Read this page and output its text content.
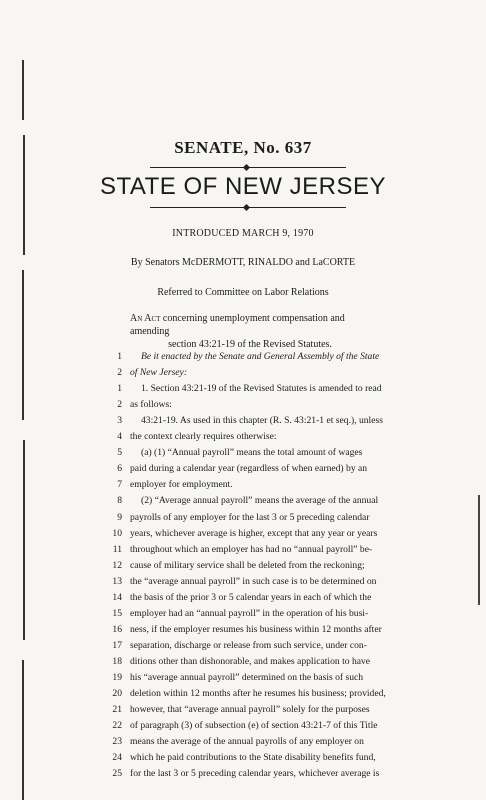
SENATE, No. 637
STATE OF NEW JERSEY
INTRODUCED MARCH 9, 1970
By Senators McDERMOTT, RINALDO and LaCORTE
Referred to Committee on Labor Relations
An Act concerning unemployment compensation and amending
section 43:21-19 of the Revised Statutes.
1	Be it enacted by the Senate and General Assembly of the State
2 of New Jersey:
1	1. Section 43:21-19 of the Revised Statutes is amended to read
2 as follows:
3	43:21-19. As used in this chapter (R. S. 43:21-1 et seq.), unless
4 the context clearly requires otherwise:
5	(a) (1) “Annual payroll” means the total amount of wages
6 paid during a calendar year (regardless of when earned) by an
7 employer for employment.
8	(2) “Average annual payroll” means the average of the annual
9 payrolls of any employer for the last 3 or 5 preceding calendar
10 years, whichever average is higher, except that any year or years
11 throughout which an employer has had no “annual payroll” be-
12 cause of military service shall be deleted from the reckoning;
13 the “average annual payroll” in such case is to be determined on
14 the basis of the prior 3 or 5 calendar years in each of which the
15 employer had an “annual payroll” in the operation of his busi-
16 ness, if the employer resumes his business within 12 months after
17 separation, discharge or release from such service, under con-
18 ditions other than dishonorable, and makes application to have
19 his “average annual payroll” determined on the basis of such
20 deletion within 12 months after he resumes his business; provided,
21 however, that “average annual payroll” solely for the purposes
22 of paragraph (3) of subsection (e) of section 43:21-7 of this Title
23 means the average of the annual payrolls of any employer on
24 which he paid contributions to the State disability benefits fund,
25 for the last 3 or 5 preceding calendar years, whichever average is
